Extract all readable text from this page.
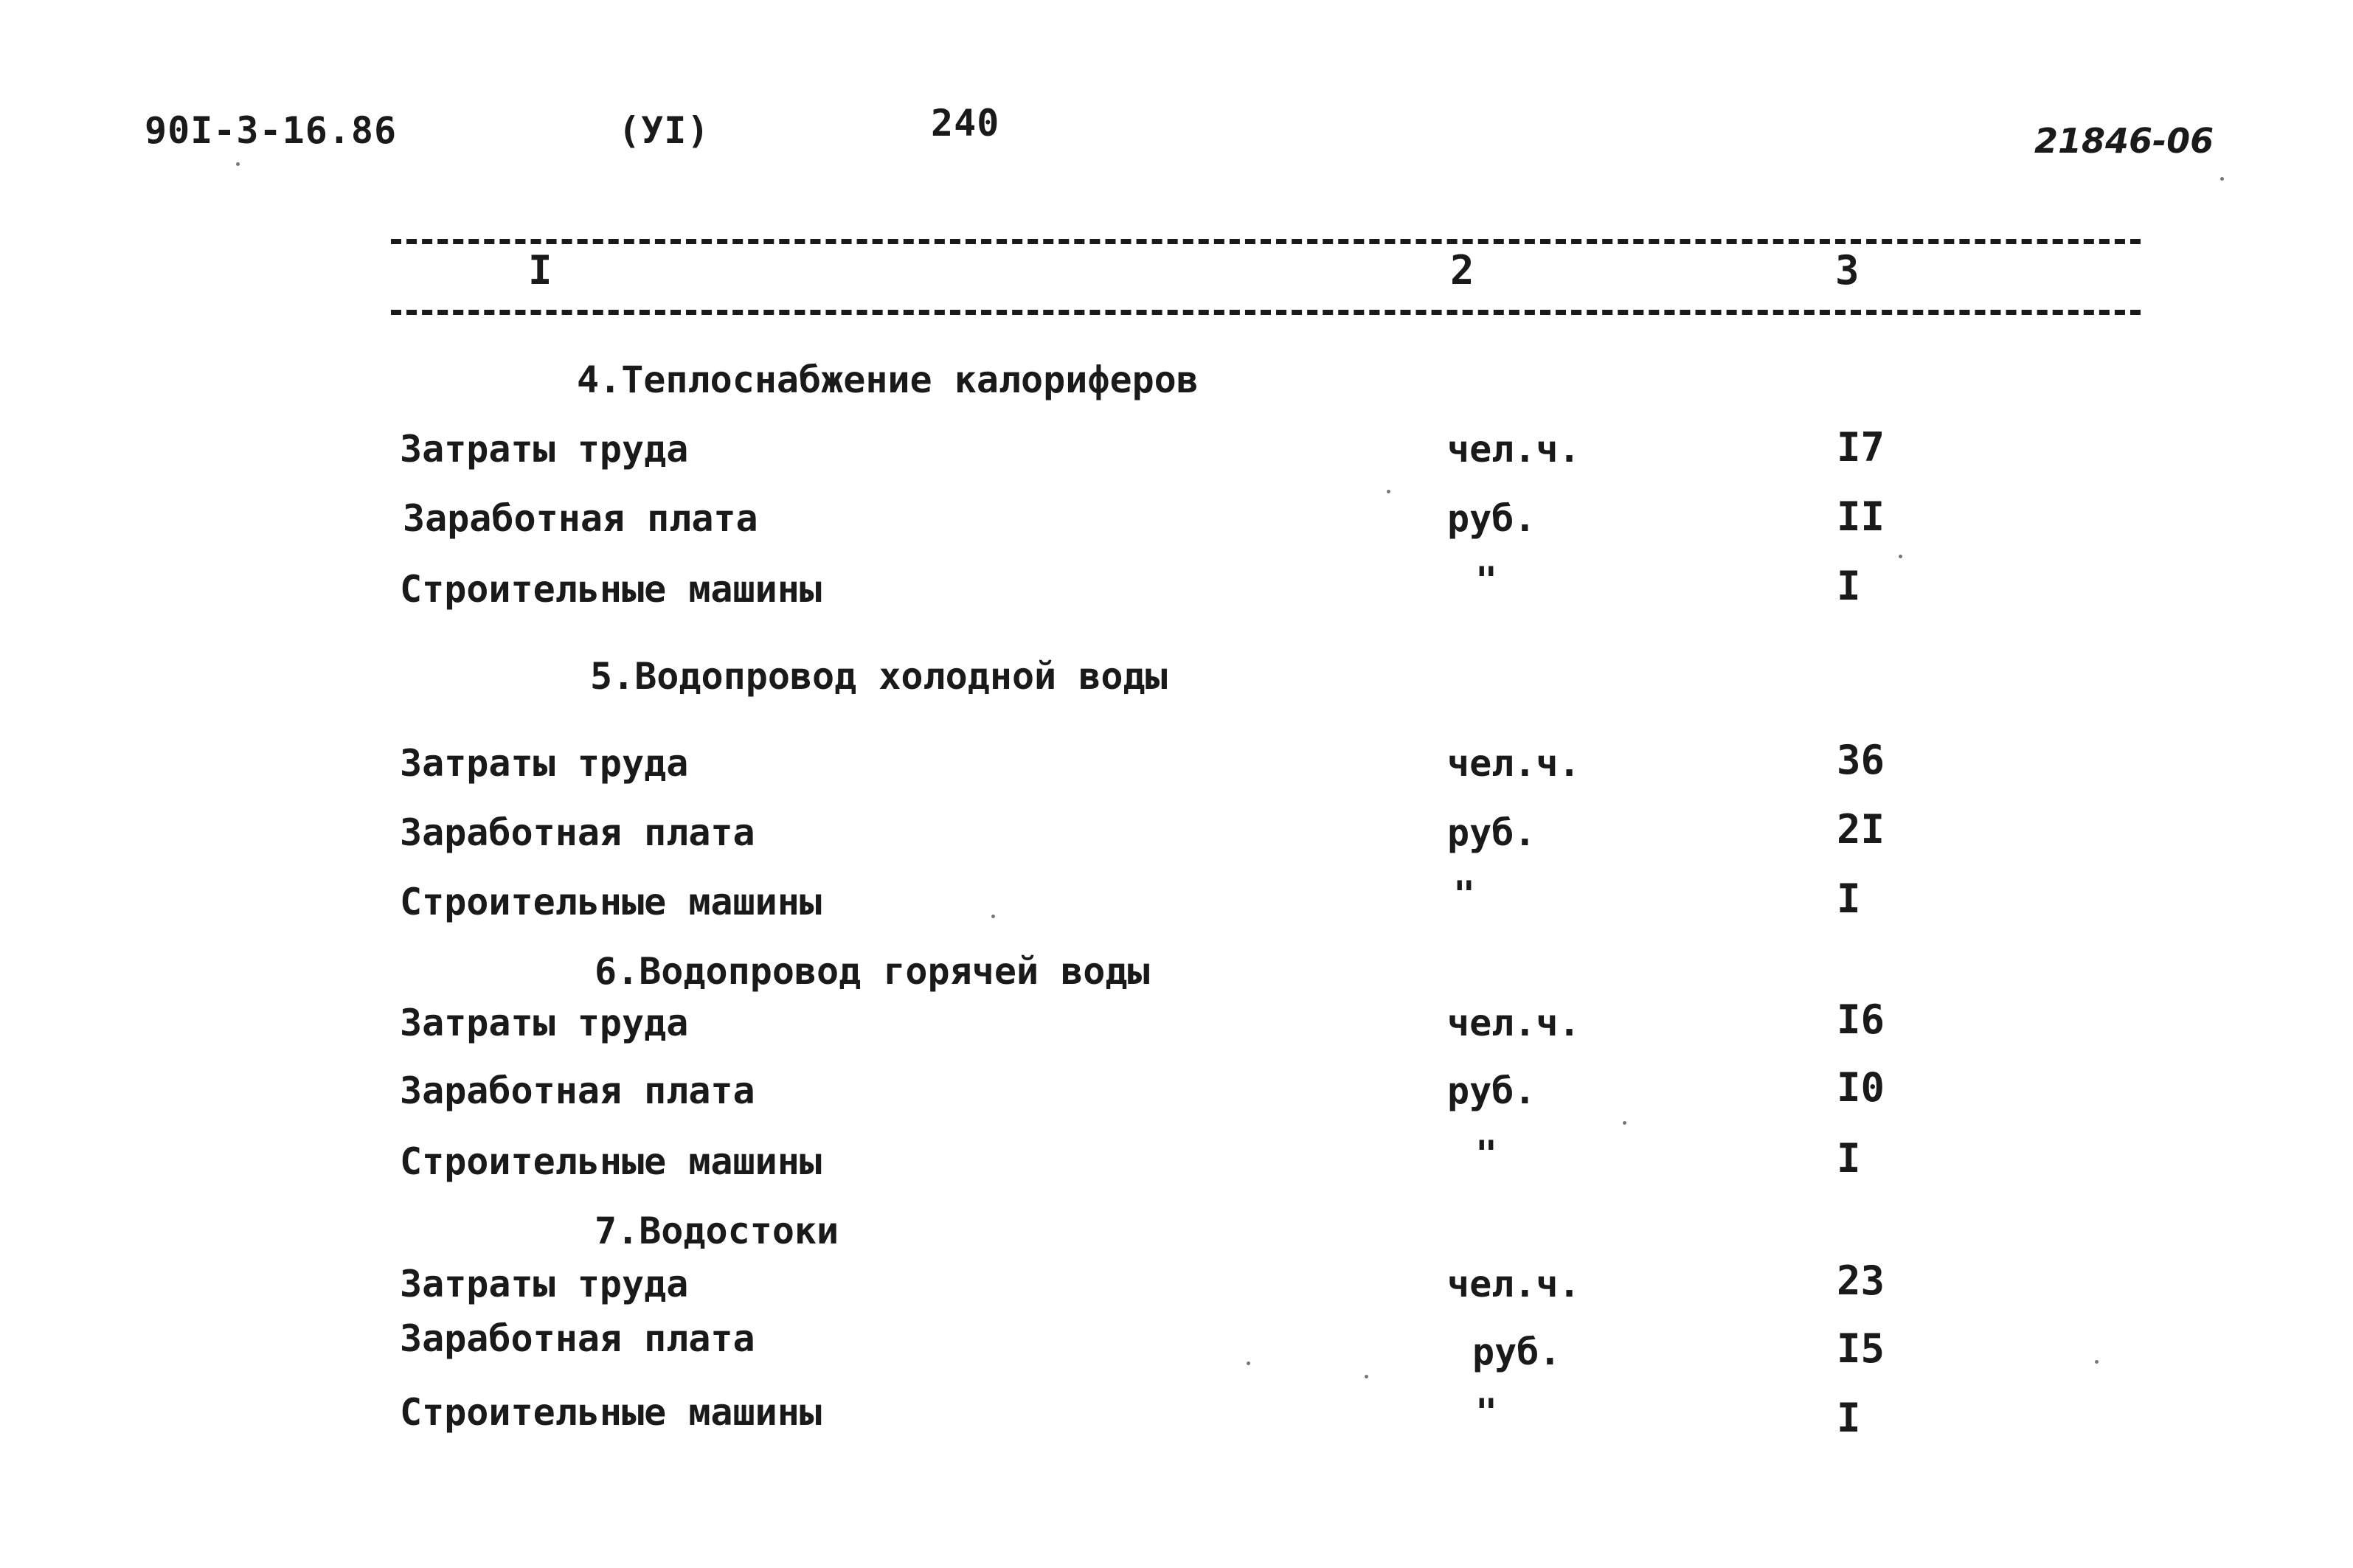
90I-3-16.86	(УI)	240	21846-06
I	2	3
4.Теплоснабжение калориферов
Затраты труда	чел.ч.	I7
Заработная плата	руб.	II
Строительные машины	"	I
5.Водопровод холодной воды
Затраты труда	чел.ч.	36
Заработная плата	руб.	2I
Строительные машины	"	I
6.Водопровод горячей воды
Затраты труда	чел.ч.	I6
Заработная плата	руб.	I0
Строительные машины	"	I
7.Водостоки
Затраты труда	чел.ч.	23
Заработная плата	руб.	I5
Строительные машины	"	I
